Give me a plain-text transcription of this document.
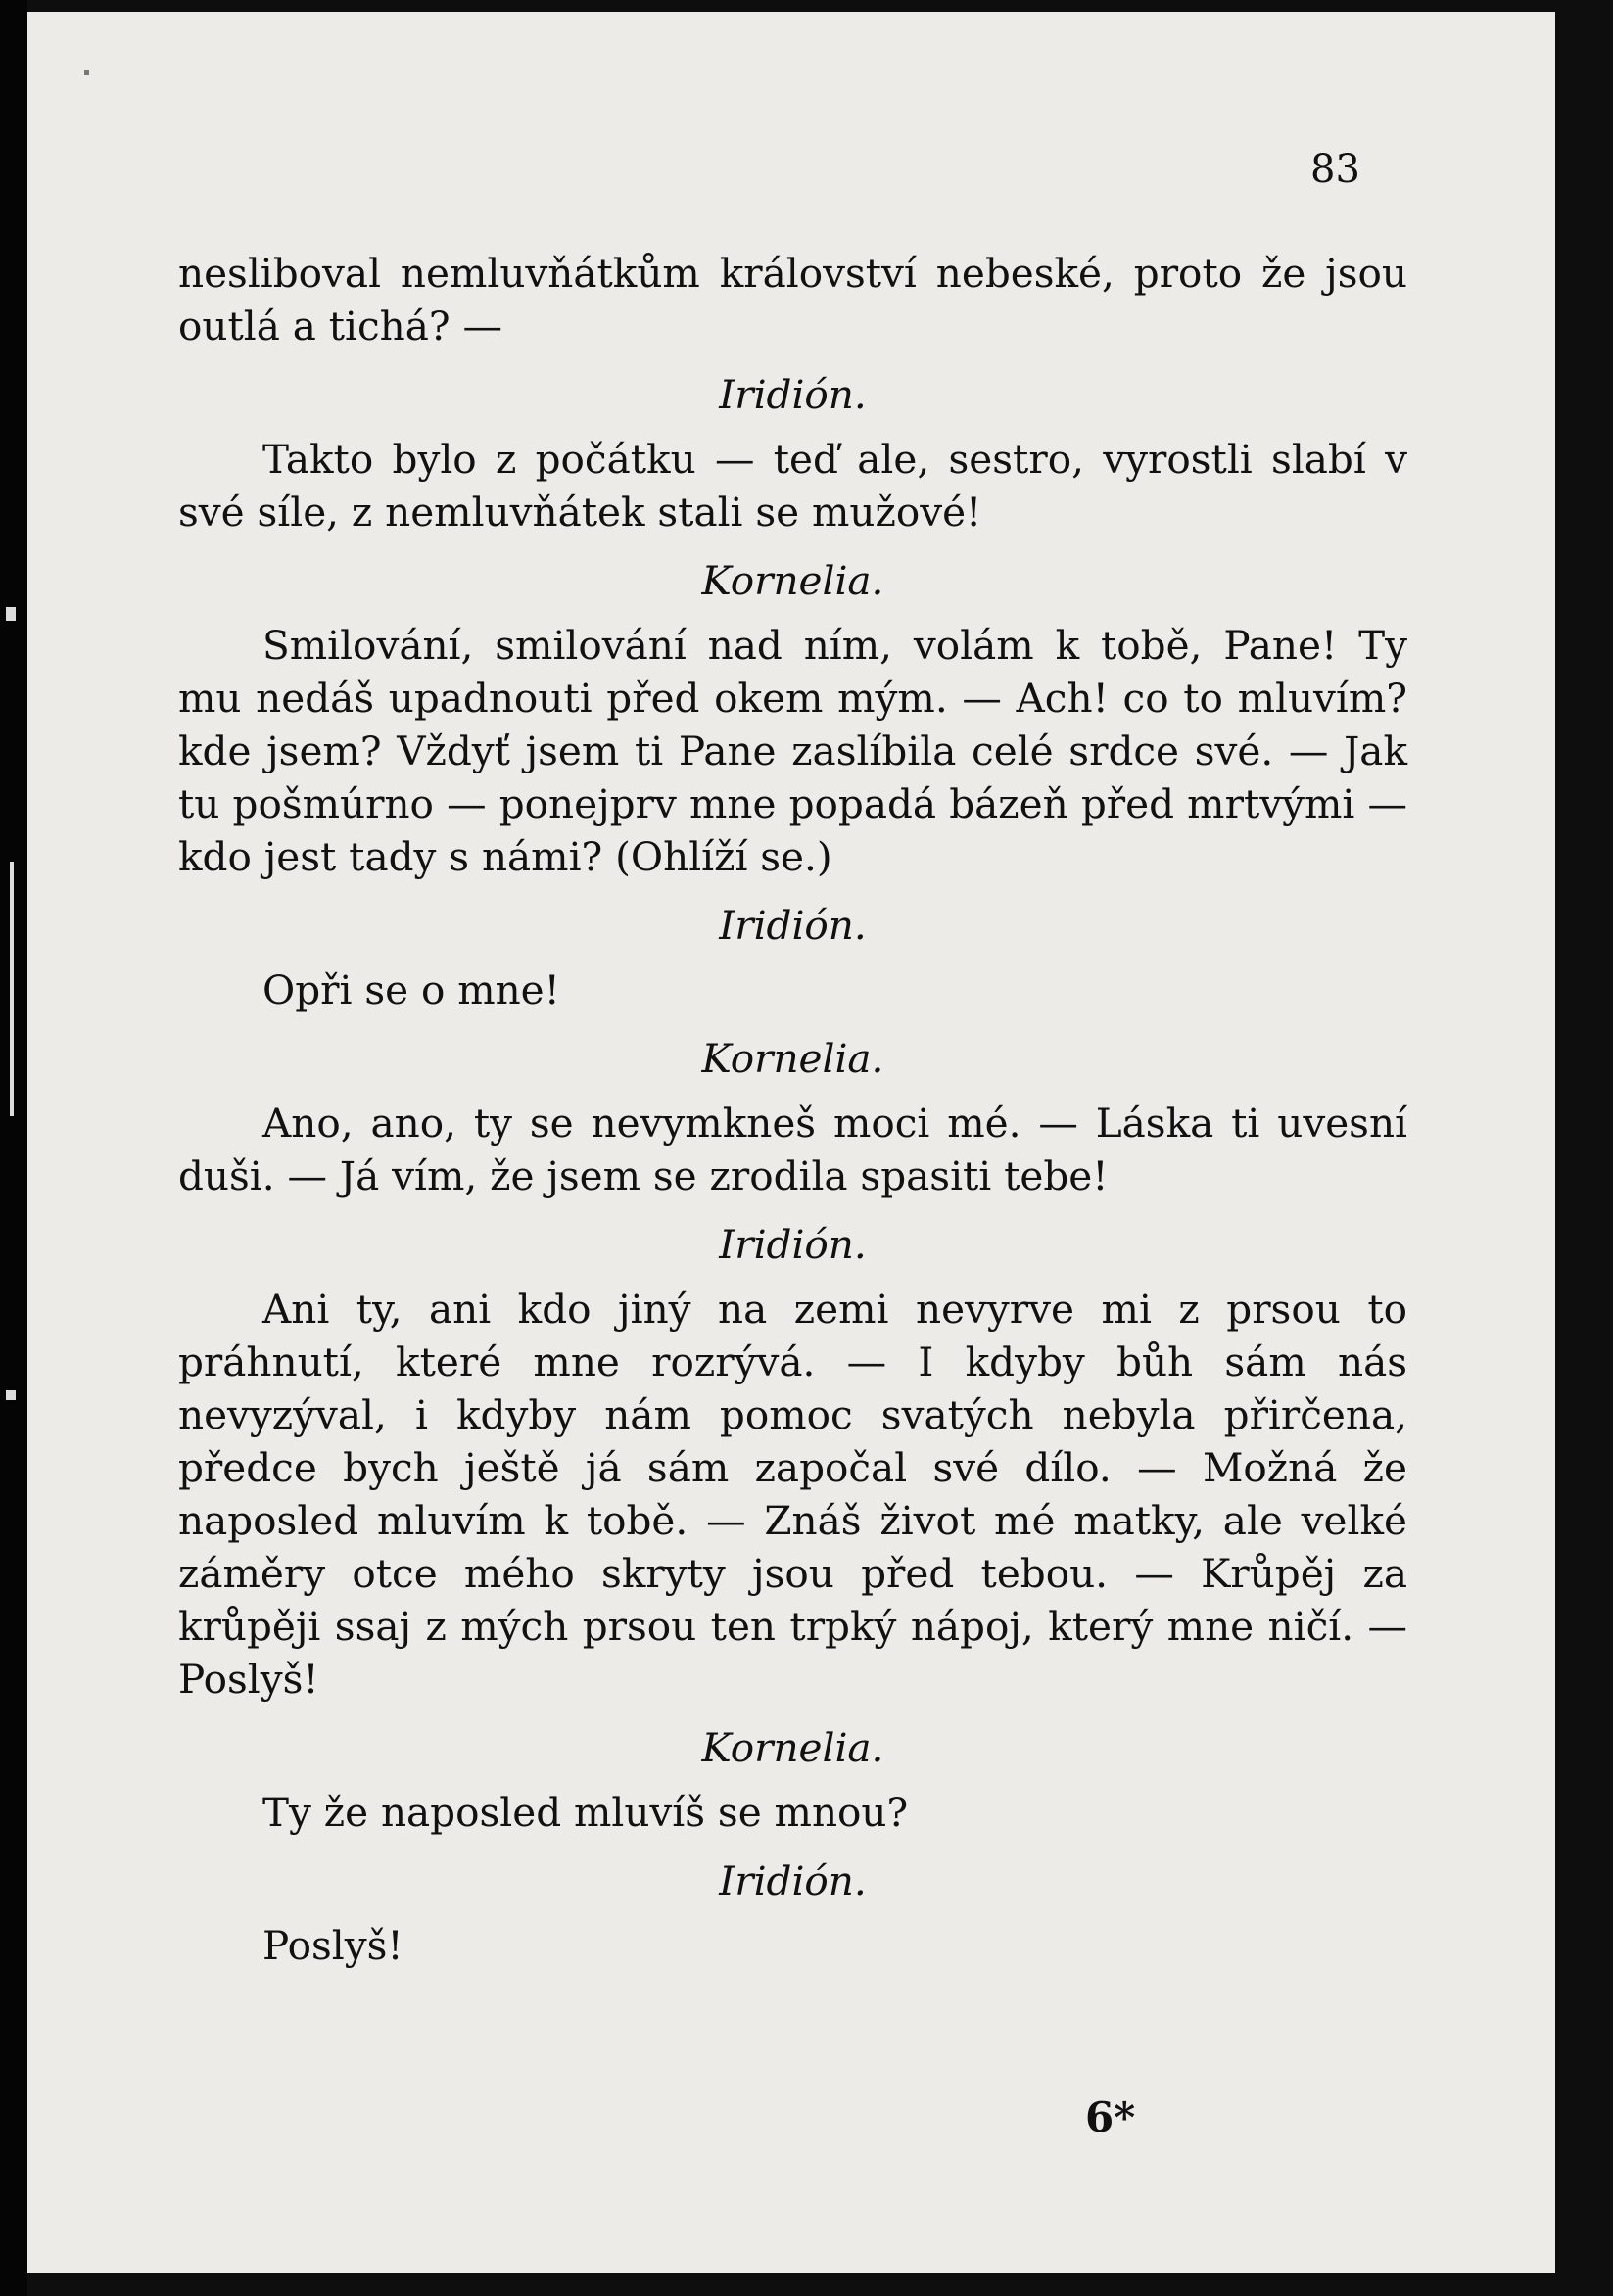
83

nesliboval nemluvňátkům království nebeské, proto že jsou outlá a tichá? —

Iridión.

Takto bylo z počátku — teď ale, sestro, vyrostli slabí v své síle, z nemluvňátek stali se mužové!

Kornelia.

Smilování, smilování nad ním, volám k tobě, Pane! Ty mu nedáš upadnouti před okem mým. — Ach! co to mluvím? kde jsem? Vždyť jsem ti Pane zaslíbila celé srdce své. — Jak tu pošmúrno — ponejprv mne popadá bázeň před mrtvými — kdo jest tady s námi? (Ohlíží se.)

Iridión.

Opři se o mne!

Kornelia.

Ano, ano, ty se nevymkneš moci mé. — Láska ti uvesní duši. — Já vím, že jsem se zrodila spasiti tebe!

Iridión.

Ani ty, ani kdo jiný na zemi nevyrve mi z prsou to práhnutí, které mne rozrývá. — I kdyby bůh sám nás nevyzýval, i kdyby nám pomoc svatých nebyla přirčena, předce bych ještě já sám započal své dílo. — Možná že naposled mluvím k tobě. — Znáš život mé matky, ale velké záměry otce mého skryty jsou před tebou. — Krůpěj za krůpěji ssaj z mých prsou ten trpký nápoj, který mne ničí. — Poslyš!

Kornelia.

Ty že naposled mluvíš se mnou?

Iridión.

Poslyš!

6*
